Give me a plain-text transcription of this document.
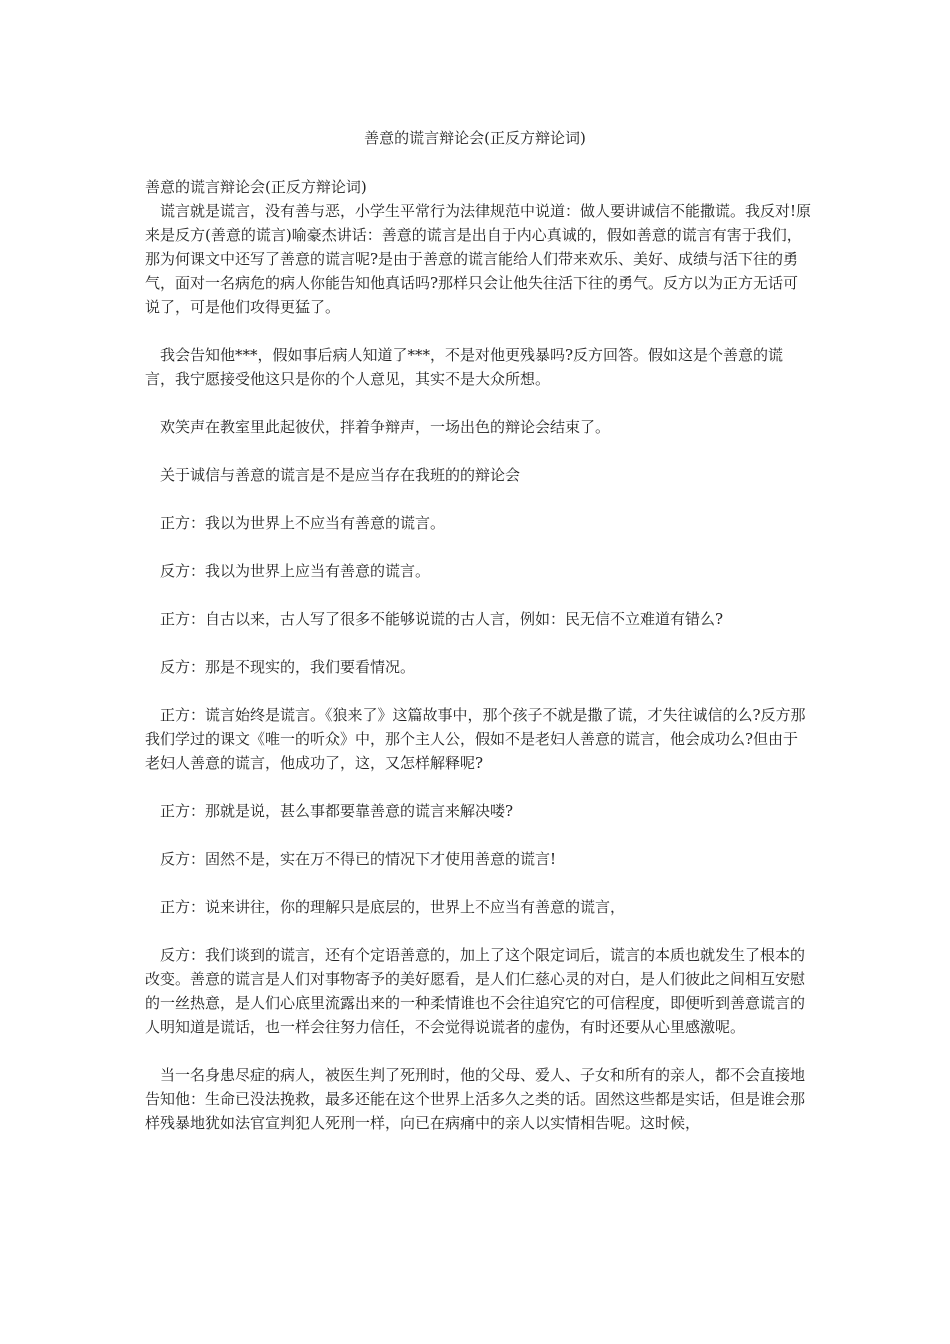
善意的谎言辩论会(正反方辩论词)

善意的谎言辩论会(正反方辩论词)

　谎言就是谎言，没有善与恶，小学生平常行为法律规范中说道：做人要讲诚信不能撒谎。我反对!原来是反方(善意的谎言)喻豪杰讲话：善意的谎言是出自于内心真诚的，假如善意的谎言有害于我们，那为何课文中还写了善意的谎言呢?是由于善意的谎言能给人们带来欢乐、美好、成绩与活下往的勇气，面对一名病危的病人你能告知他真话吗?那样只会让他失往活下往的勇气。反方以为正方无话可说了，可是他们攻得更猛了。

　我会告知他***，假如事后病人知道了***，不是对他更残暴吗?反方回答。假如这是个善意的谎言，我宁愿接受他这只是你的个人意见，其实不是大众所想。

　欢笑声在教室里此起彼伏，拌着争辩声，一场出色的辩论会结束了。

　关于诚信与善意的谎言是不是应当存在我班的的辩论会

　正方：我以为世界上不应当有善意的谎言。

　反方：我以为世界上应当有善意的谎言。

　正方：自古以来，古人写了很多不能够说谎的古人言，例如：民无信不立难道有错么?

　反方：那是不现实的，我们要看情况。

　正方：谎言始终是谎言。《狼来了》这篇故事中，那个孩子不就是撒了谎，才失往诚信的么?反方那我们学过的课文《唯一的听众》中，那个主人公，假如不是老妇人善意的谎言，他会成功么?但由于老妇人善意的谎言，他成功了，这，又怎样解释呢?

　正方：那就是说，甚么事都要靠善意的谎言来解决喽?

　反方：固然不是，实在万不得已的情况下才使用善意的谎言!

　正方：说来讲往，你的理解只是底层的，世界上不应当有善意的谎言，

　反方：我们谈到的谎言，还有个定语善意的，加上了这个限定词后，谎言的本质也就发生了根本的改变。善意的谎言是人们对事物寄予的美好愿看，是人们仁慈心灵的对白，是人们彼此之间相互安慰的一丝热意，是人们心底里流露出来的一种柔情谁也不会往追究它的可信程度，即便听到善意谎言的人明知道是谎话，也一样会往努力信任，不会觉得说谎者的虚伪，有时还要从心里感激呢。

　当一名身患尽症的病人，被医生判了死刑时，他的父母、爱人、子女和所有的亲人，都不会直接地告知他：生命已没法挽救，最多还能在这个世界上活多久之类的话。固然这些都是实话，但是谁会那样残暴地犹如法官宣判犯人死刑一样，向已在病痛中的亲人以实情相告呢。这时候，
